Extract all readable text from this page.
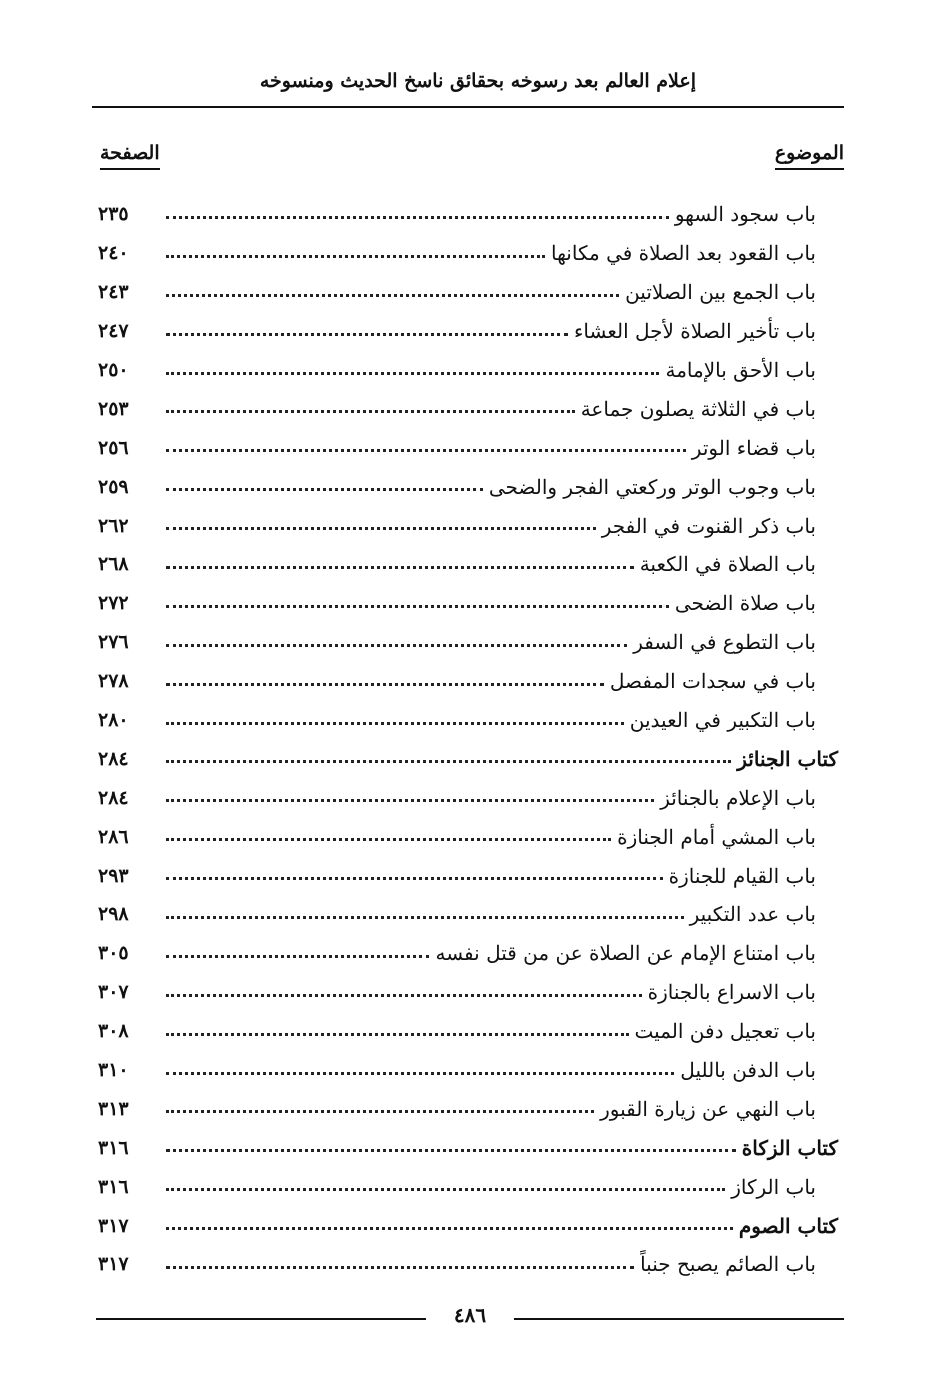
إعلام العالم بعد رسوخه بحقائق ناسخ الحديث ومنسوخه
الموضوع
الصفحة
باب سجود السهو
٢٣٥
باب القعود بعد الصلاة في مكانها
٢٤٠
باب الجمع بين الصلاتين
٢٤٣
باب تأخير الصلاة لأجل العشاء
٢٤٧
باب الأحق بالإمامة
٢٥٠
باب في الثلاثة يصلون جماعة
٢٥٣
باب قضاء الوتر
٢٥٦
باب وجوب الوتر وركعتي الفجر والضحى
٢٥٩
باب ذكر القنوت في الفجر
٢٦٢
باب الصلاة في الكعبة
٢٦٨
باب صلاة الضحى
٢٧٢
باب التطوع في السفر
٢٧٦
باب في سجدات المفصل
٢٧٨
باب التكبير في العيدين
٢٨٠
كتاب الجنائز
٢٨٤
باب الإعلام بالجنائز
٢٨٤
باب المشي أمام الجنازة
٢٨٦
باب القيام للجنازة
٢٩٣
باب عدد التكبير
٢٩٨
باب امتناع الإمام عن الصلاة عن من قتل نفسه
٣٠٥
باب الاسراع بالجنازة
٣٠٧
باب تعجيل دفن الميت
٣٠٨
باب الدفن بالليل
٣١٠
باب النهي عن زيارة القبور
٣١٣
كتاب الزكاة
٣١٦
باب الركاز
٣١٦
كتاب الصوم
٣١٧
باب الصائم يصبح جنباً
٣١٧
٤٨٦
